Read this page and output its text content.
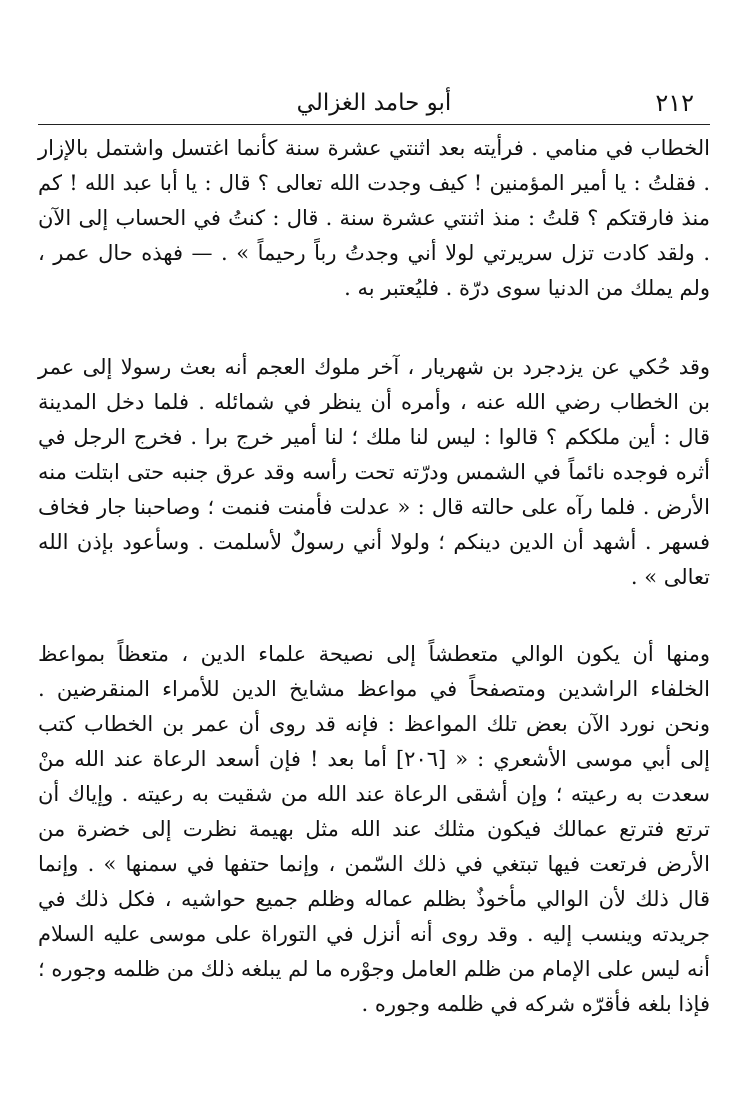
٢١٢
أبو حامد الغزالي

الخطاب في منامي . فرأيته بعد اثنتي عشرة سنة كأنما اغتسل واشتمل بالإزار . فقلتُ : يا أمير المؤمنين ! كيف وجدت الله تعالى ؟ قال : يا أبا عبد الله ! كم منذ فارقتكم ؟ قلتُ : منذ اثنتي عشرة سنة . قال : كنتُ في الحساب إلى الآن . ولقد كادت تزل سريرتي لولا أني وجدتُ رباً رحيماً » . — فهذه حال عمر ، ولم يملك من الدنيا سوى درّة . فليُعتبر به .

وقد حُكي عن يزدجرد بن شهريار ، آخر ملوك العجم أنه بعث رسولا إلى عمر بن الخطاب رضي الله عنه ، وأمره أن ينظر في شمائله . فلما دخل المدينة قال : أين ملككم ؟ قالوا : ليس لنا ملك ؛ لنا أمير خرج برا . فخرج الرجل في أثره فوجده نائماً في الشمس ودرّته تحت رأسه وقد عرق جنبه حتى ابتلت منه الأرض . فلما رآه على حالته قال : « عدلت فأمنت فنمت ؛ وصاحبنا جار فخاف فسهر . أشهد أن الدين دينكم ؛ ولولا أني رسولٌ لأسلمت . وسأعود بإذن الله تعالى » .

ومنها أن يكون الوالي متعطشاً إلى نصيحة علماء الدين ، متعظاً بمواعظ الخلفاء الراشدين ومتصفحاً في مواعظ مشايخ الدين للأمراء المنقرضين . ونحن نورد الآن بعض تلك المواعظ : فإنه قد روى أن عمر بن الخطاب كتب إلى أبي موسى الأشعري : « [٢٠٦] أما بعد ! فإن أسعد الرعاة عند الله منْ سعدت به رعيته ؛ وإن أشقى الرعاة عند الله من شقيت به رعيته . وإياك أن ترتع فترتع عمالك فيكون مثلك عند الله مثل بهيمة نظرت إلى خضرة من الأرض فرتعت فيها تبتغي في ذلك السّمن ، وإنما حتفها في سمنها » . وإنما قال ذلك لأن الوالي مأخوذٌ بظلم عماله وظلم جميع حواشيه ، فكل ذلك في جريدته وينسب إليه . وقد روى أنه أنزل في التوراة على موسى عليه السلام أنه ليس على الإمام من ظلم العامل وجوْره ما لم يبلغه ذلك من ظلمه وجوره ؛ فإذا بلغه فأقرّه شركه في ظلمه وجوره .
